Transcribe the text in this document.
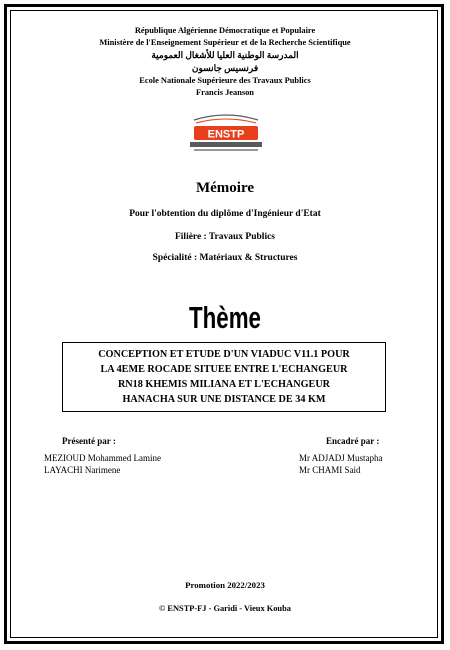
République Algérienne Démocratique et Populaire
Ministère de l'Enseignement Supérieur et de la Recherche Scientifique
المدرسة الوطنية العليا للأشغال العمومية
فرنسيس جانسون
Ecole Nationale Supérieure des Travaux Publics
Francis Jeanson
ENSTP
Mémoire
Pour l'obtention du diplôme d'Ingénieur d'Etat
Filière : Travaux Publics
Spécialité : Matériaux & Structures
Thème
CONCEPTION ET ETUDE D'UN VIADUC V11.1 POUR
LA 4EME ROCADE SITUEE ENTRE L'ECHANGEUR
RN18 KHEMIS MILIANA ET L'ECHANGEUR
HANACHA SUR UNE DISTANCE DE 34 KM
Présenté par :
MEZIOUD Mohammed Lamine
LAYACHI Narimene
Encadré par :
Mr ADJADJ Mustapha
Mr CHAMI Said
Promotion 2022/2023
© ENSTP-FJ - Garidi - Vieux Kouba
